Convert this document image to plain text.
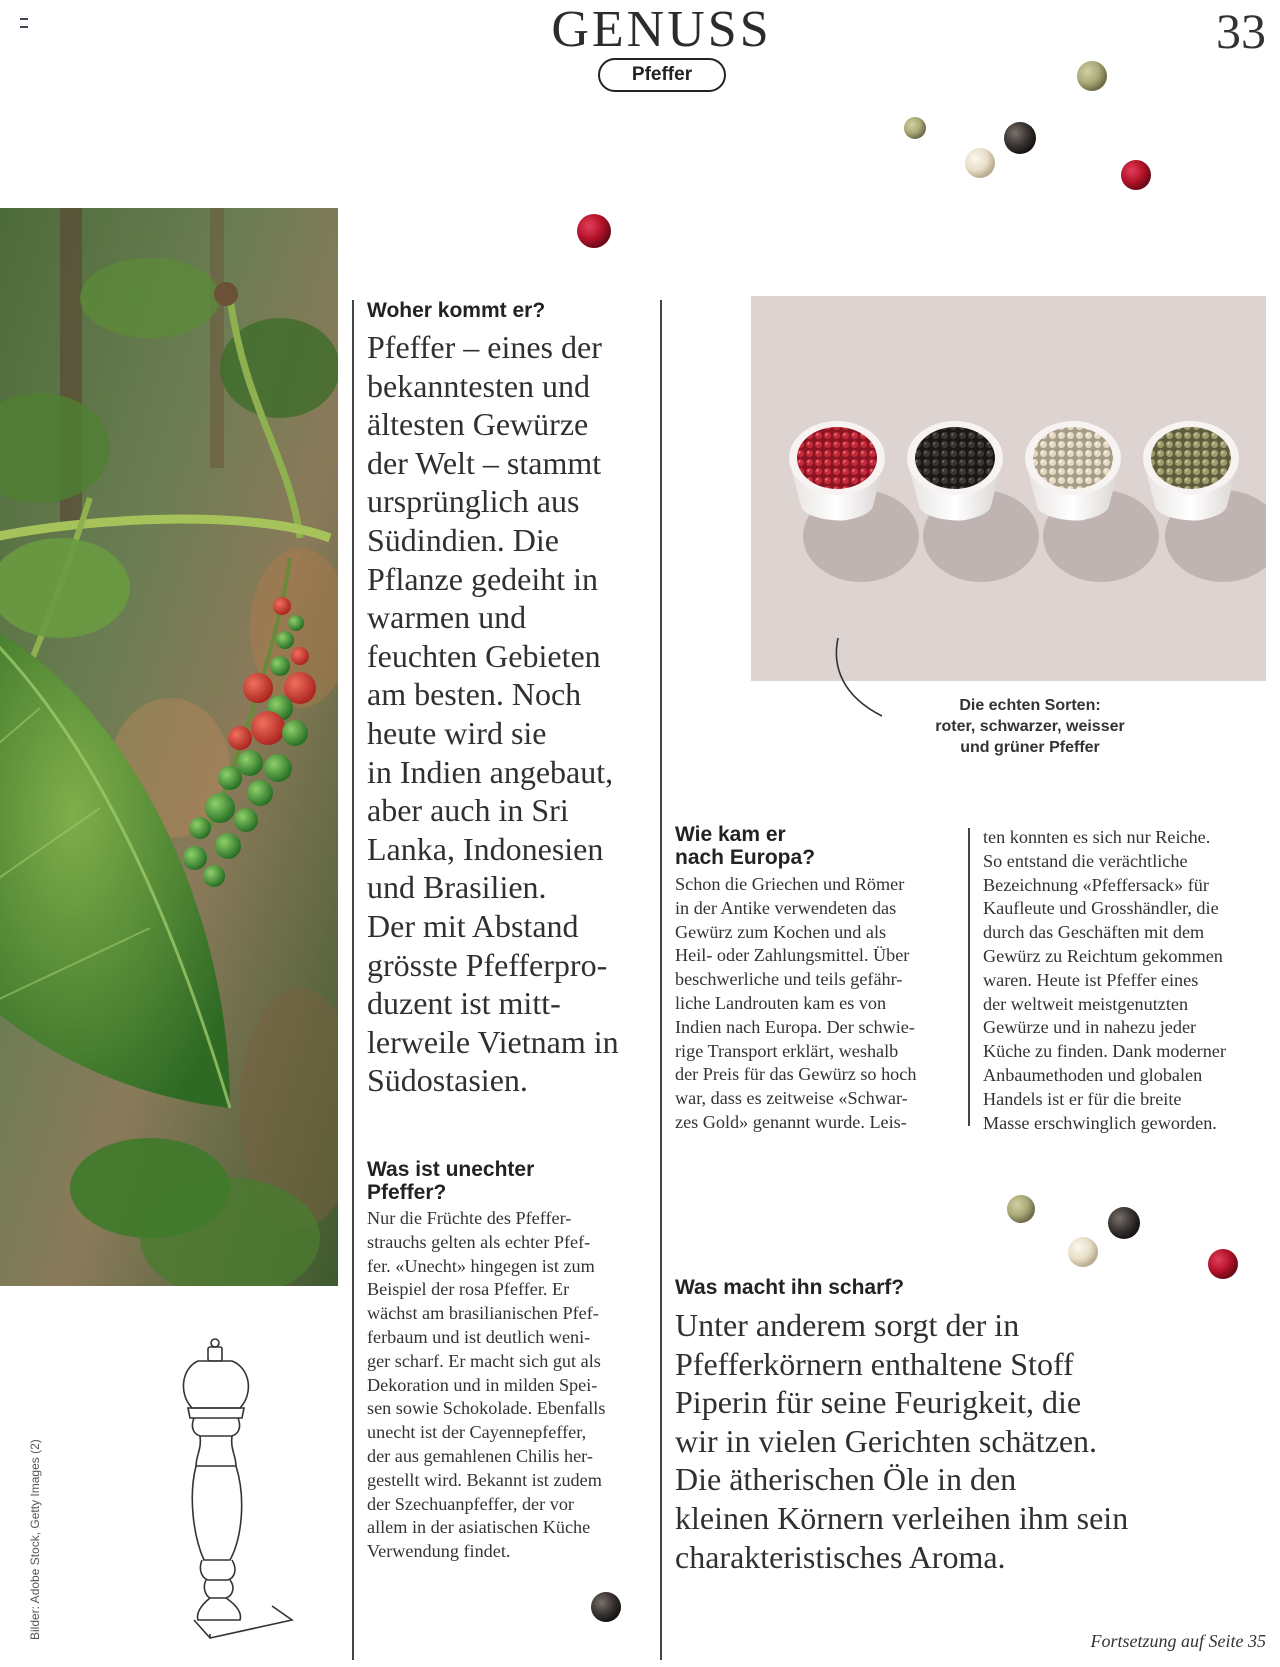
GENUSS	33
Pfeffer
Bilder: Adobe Stock, Getty Images (2)
Woher kommt er?
Pfeffer – eines der
bekanntesten und
ältesten Gewürze
der Welt – stammt
ursprünglich aus
Südindien. Die
Pflanze gedeiht in
warmen und
feuchten Gebieten
am besten. Noch
heute wird sie
in Indien angebaut,
aber auch in Sri
Lanka, Indonesien
und Brasilien.
Der mit Abstand
grösste Pfefferpro-
duzent ist mitt-
lerweile Vietnam in
Südostasien.
Was ist unechter
Pfeffer?
Nur die Früchte des Pfeffer-
strauchs gelten als echter Pfef-
fer. «Unecht» hingegen ist zum
Beispiel der rosa Pfeffer. Er
wächst am brasilianischen Pfef-
ferbaum und ist deutlich weni-
ger scharf. Er macht sich gut als
Dekoration und in milden Spei-
sen sowie Schokolade. Ebenfalls
unecht ist der Cayennepfeffer,
der aus gemahlenen Chilis her-
gestellt wird. Bekannt ist zudem
der Szechuanpfeffer, der vor
allem in der asiatischen Küche
Verwendung findet.
Die echten Sorten:
roter, schwarzer, weisser
und grüner Pfeffer
Wie kam er
nach Europa?
Schon die Griechen und Römer
in der Antike verwendeten das
Gewürz zum Kochen und als
Heil- oder Zahlungsmittel. Über
beschwerliche und teils gefähr-
liche Landrouten kam es von
Indien nach Europa. Der schwie-
rige Transport erklärt, weshalb
der Preis für das Gewürz so hoch
war, dass es zeitweise «Schwar-
zes Gold» genannt wurde. Leis-
ten konnten es sich nur Reiche.
So entstand die verächtliche
Bezeichnung «Pfeffersack» für
Kaufleute und Grosshändler, die
durch das Geschäften mit dem
Gewürz zu Reichtum gekommen
waren. Heute ist Pfeffer eines
der weltweit meistgenutzten
Gewürze und in nahezu jeder
Küche zu finden. Dank moderner
Anbaumethoden und globalen
Handels ist er für die breite
Masse erschwinglich geworden.
Was macht ihn scharf?
Unter anderem sorgt der in
Pfefferkörnern enthaltene Stoff
Piperin für seine Feurigkeit, die
wir in vielen Gerichten schätzen.
Die ätherischen Öle in den
kleinen Körnern verleihen ihm sein
charakteristisches Aroma.
Fortsetzung auf Seite 35
